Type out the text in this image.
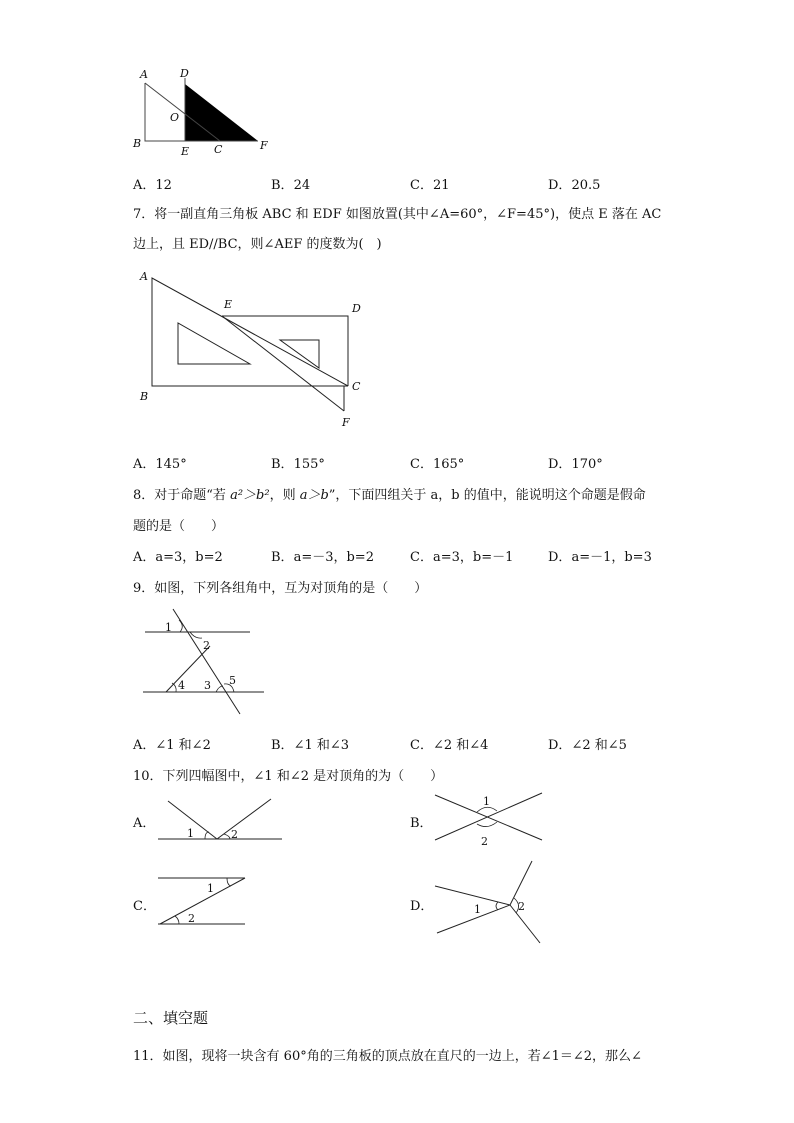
A	D
O
B
E C	F
A．12	B．24	C．21	D．20.5
7．将一副直角三角板 ABC 和 EDF 如图放置(其中∠A=60°，∠F=45°)，使点 E 落在 AC
边上，且 ED//BC，则∠AEF 的度数为(　)
A
E	D
C
B
F
A．145°	B．155°	C．165°	D．170°
8．对于命题“若 a²＞b²，则 a＞b”，下面四组关于 a，b 的值中，能说明这个命题是假命
题的是（　　）
A．a=3，b=2	B．a=－3，b=2	C．a=3，b=－1	D．a=－1，b=3
9．如图，下列各组角中，互为对顶角的是（　　）
1
2
4 3 5
A．∠1 和∠2	B．∠1 和∠3	C．∠2 和∠4	D．∠2 和∠5
10．下列四幅图中，∠1 和∠2 是对顶角的为（　　）
A．
1	2
B．
1
2
C．
1
2
D．	1	2
二、填空题
11．如图，现将一块含有 60°角的三角板的顶点放在直尺的一边上，若∠1＝∠2，那么∠
